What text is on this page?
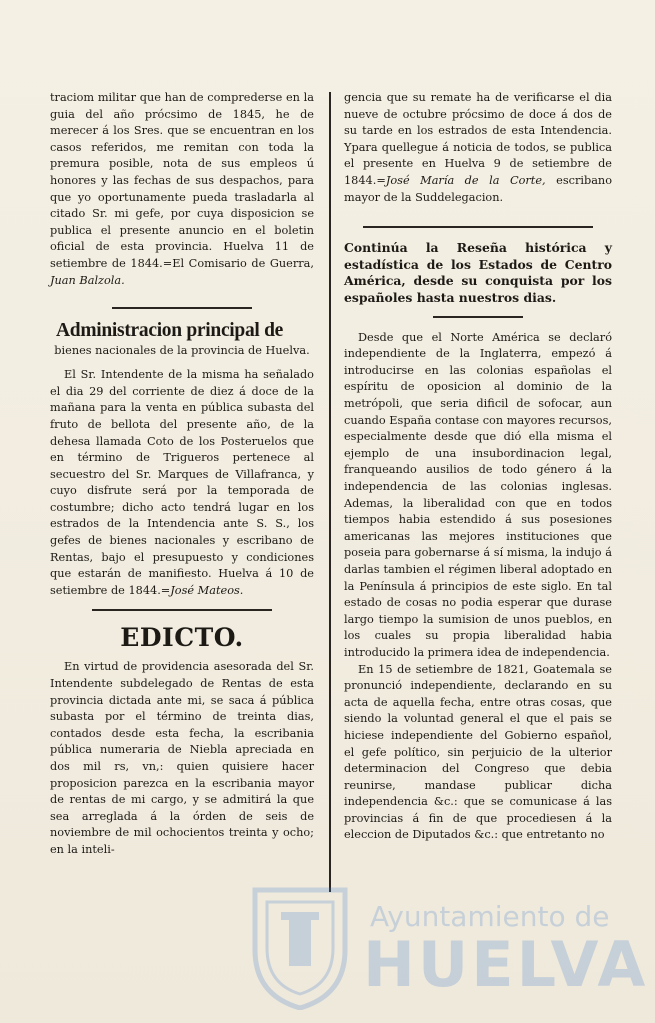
traciom militar que han de comprederse en la guia del año prócsimo de 1845, he de merecer á los Sres. que se encuentran en los casos referidos, me remitan con toda la premura posible, nota de sus empleos ú honores y las fechas de sus despachos, para que yo oportunamente pueda trasladarla al citado Sr. mi gefe, por cuya disposicion se publica el presente anuncio en el boletin oficial de esta provincia. Huelva 11 de setiembre de 1844.=El Comisario de Guerra, Juan Balzola.

Administracion principal de
bienes nacionales de la provincia de Huelva.

El Sr. Intendente de la misma ha señalado el dia 29 del corriente de diez á doce de la mañana para la venta en pública subasta del fruto de bellota del presente año, de la dehesa llamada Coto de los Posteruelos que en término de Trigueros pertenece al secuestro del Sr. Marques de Villafranca, y cuyo disfrute será por la temporada de costumbre; dicho acto tendrá lugar en los estrados de la Intendencia ante S. S., los gefes de bienes nacionales y escribano de Rentas, bajo el presupuesto y condiciones que estarán de manifiesto. Huelva á 10 de setiembre de 1844.=José Mateos.

EDICTO.

En virtud de providencia asesorada del Sr. Intendente subdelegado de Rentas de esta provincia dictada ante mi, se saca á pública subasta por el término de treinta dias, contados desde esta fecha, la escribania pública numeraria de Niebla apreciada en dos mil rs, vn,: quien quisiere hacer proposicion parezca en la escribania mayor de rentas de mi cargo, y se admitirá la que sea arreglada á la órden de seis de noviembre de mil ochocientos treinta y ocho; en la inteli-

gencia que su remate ha de verificarse el dia nueve de octubre prócsimo de doce á dos de su tarde en los estrados de esta Intendencia. Ypara quellegue á noticia de todos, se publica el presente en Huelva 9 de setiembre de 1844.=José María de la Corte, escribano mayor de la Suddelegacion.

Continúa la Reseña histórica y estadística de los Estados de Centro América, desde su conquista por los españoles hasta nuestros dias.

Desde que el Norte América se declaró independiente de la Inglaterra, empezó á introducirse en las colonias españolas el espíritu de oposicion al dominio de la metrópoli, que seria dificil de sofocar, aun cuando España contase con mayores recursos, especialmente desde que dió ella misma el ejemplo de una insubordinacion legal, franqueando ausilios de todo género á la independencia de las colonias inglesas. Ademas, la liberalidad con que en todos tiempos habia estendido á sus posesiones americanas las mejores instituciones que poseia para gobernarse á sí misma, la indujo á darlas tambien el régimen liberal adoptado en la Península á principios de este siglo. En tal estado de cosas no podia esperar que durase largo tiempo la sumision de unos pueblos, en los cuales su propia liberalidad habia introducido la primera idea de independencia.

En 15 de setiembre de 1821, Goatemala se pronunció independiente, declarando en su acta de aquella fecha, entre otras cosas, que siendo la voluntad general el que el pais se hiciese independiente del Gobierno español, el gefe político, sin perjuicio de la ulterior determinacion del Congreso que debia reunirse, mandase publicar dicha independencia &c.: que se comunicase á las provincias á fin de que procediesen á la eleccion de Diputados &c.: que entretanto no

Ayuntamiento de
HUELVA
